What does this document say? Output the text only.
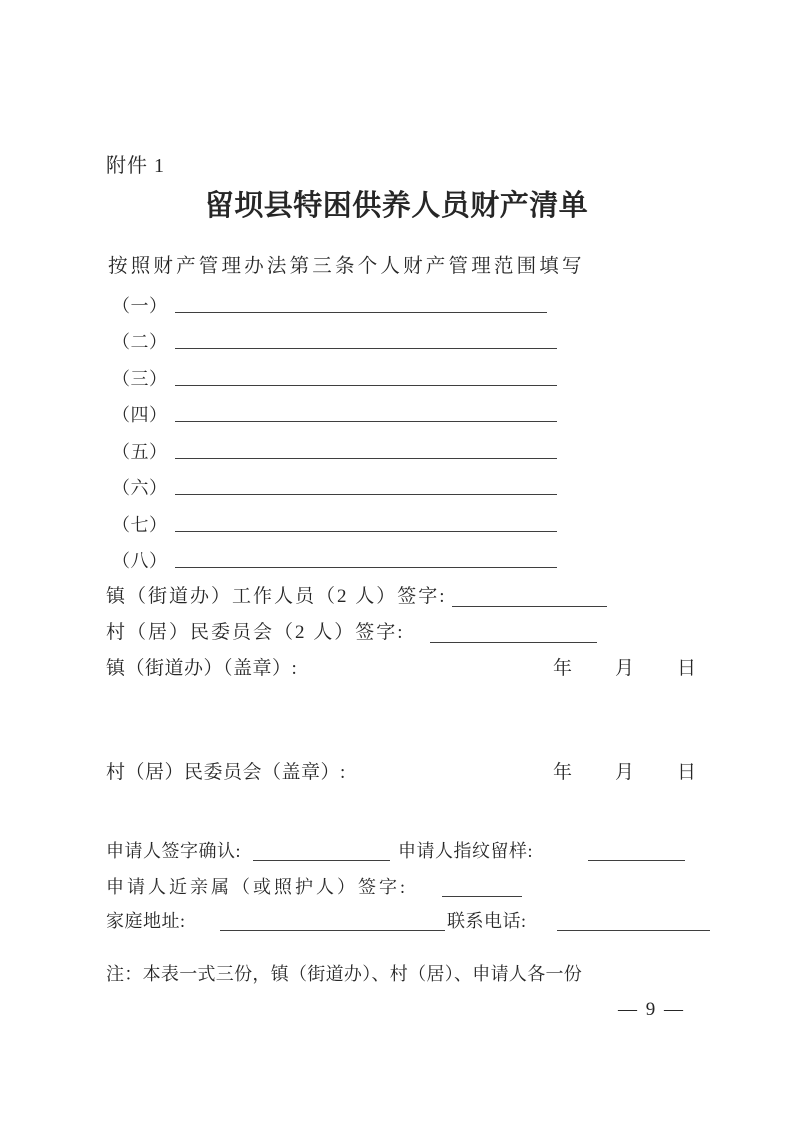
附件 1
留坝县特困供养人员财产清单
按照财产管理办法第三条个人财产管理范围填写
（一）
（二）
（三）
（四）
（五）
（六）
（七）
（八）
镇（街道办）工作人员（2 人）签字:
村（居）民委员会（2 人）签字:
镇（街道办）（盖章）:	年 月 日
村（居）民委员会（盖章）:	年 月 日
申请人签字确认:	申请人指纹留样:
申请人近亲属（或照护人）签字:
家庭地址:	联系电话:
注：本表一式三份，镇（街道办）、村（居）、申请人各一份
— 9 —
